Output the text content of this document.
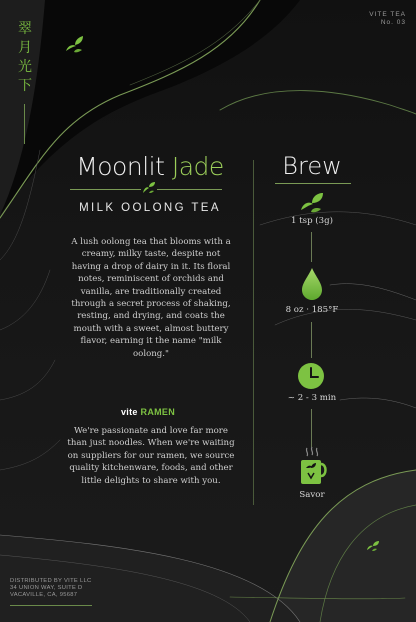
翠
月
光
下
VITE TEA
No. 03
Moonlit Jade
MILK OOLONG TEA
A lush oolong tea that blooms with a creamy, milky taste, despite not having a drop of dairy in it. Its floral notes, reminiscent of orchids and vanilla, are traditionally created through a secret process of shaking, resting, and drying, and coats the mouth with a sweet, almost buttery flavor, earning it the name "milk oolong."
vite RAMEN
We're passionate and love far more than just noodles. When we're waiting on suppliers for our ramen, we source quality kitchenware, foods, and other little delights to share with you.
Brew
1 tsp (3g)
8 oz · 185°F
~ 2 - 3 min
Savor
DISTRIBUTED BY VITE LLC
34 UNION WAY, SUITE D
VACAVILLE, CA, 95687
